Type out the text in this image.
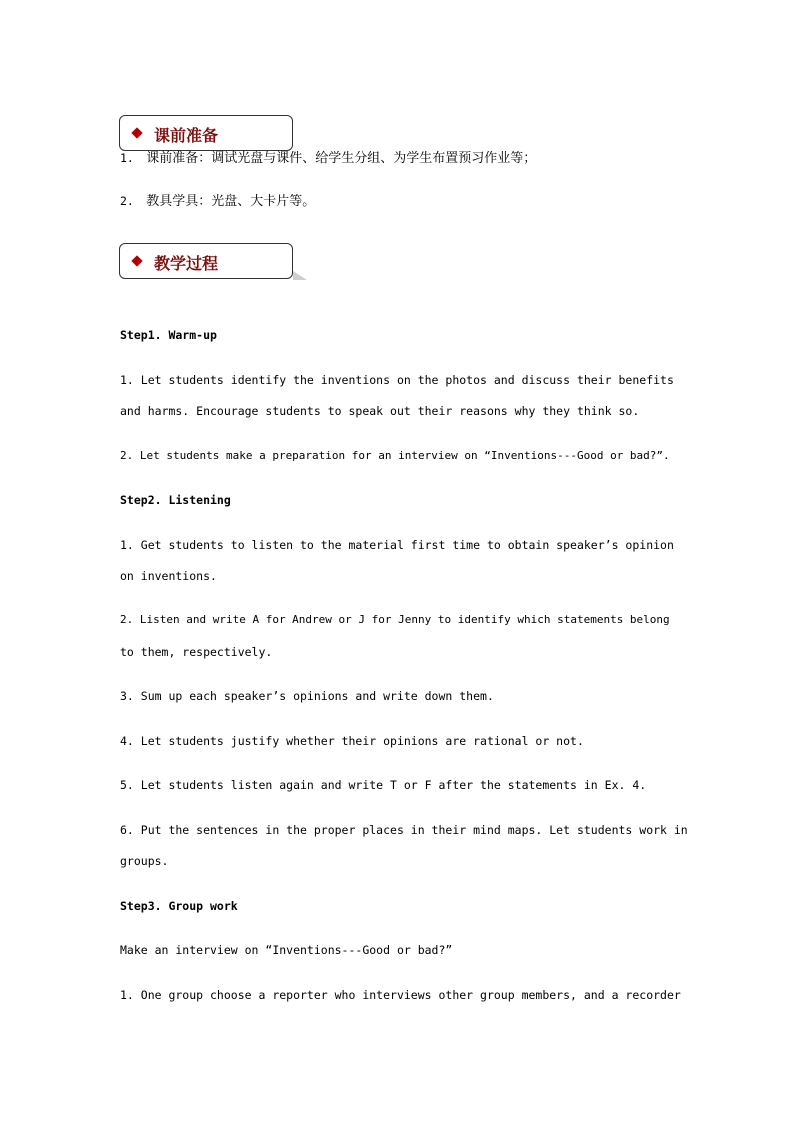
课前准备
1. 课前准备：调试光盘与课件、给学生分组、为学生布置预习作业等；
2. 教具学具：光盘、大卡片等。
教学过程
Step1. Warm-up
1. Let students identify the inventions on the photos and discuss their benefits
and harms. Encourage students to speak out their reasons why they think so.
2. Let students make a preparation for an interview on “Inventions---Good or bad?”.
Step2. Listening
1. Get students to listen to the material first time to obtain speaker’s opinion
on inventions.
2. Listen and write A for Andrew or J for Jenny to identify which statements belong
to them, respectively.
3. Sum up each speaker’s opinions and write down them.
4. Let students justify whether their opinions are rational or not.
5. Let students listen again and write T or F after the statements in Ex. 4.
6. Put the sentences in the proper places in their mind maps. Let students work in
groups.
Step3. Group work
Make an interview on “Inventions---Good or bad?”
1. One group choose a reporter who interviews other group members, and a recorder
